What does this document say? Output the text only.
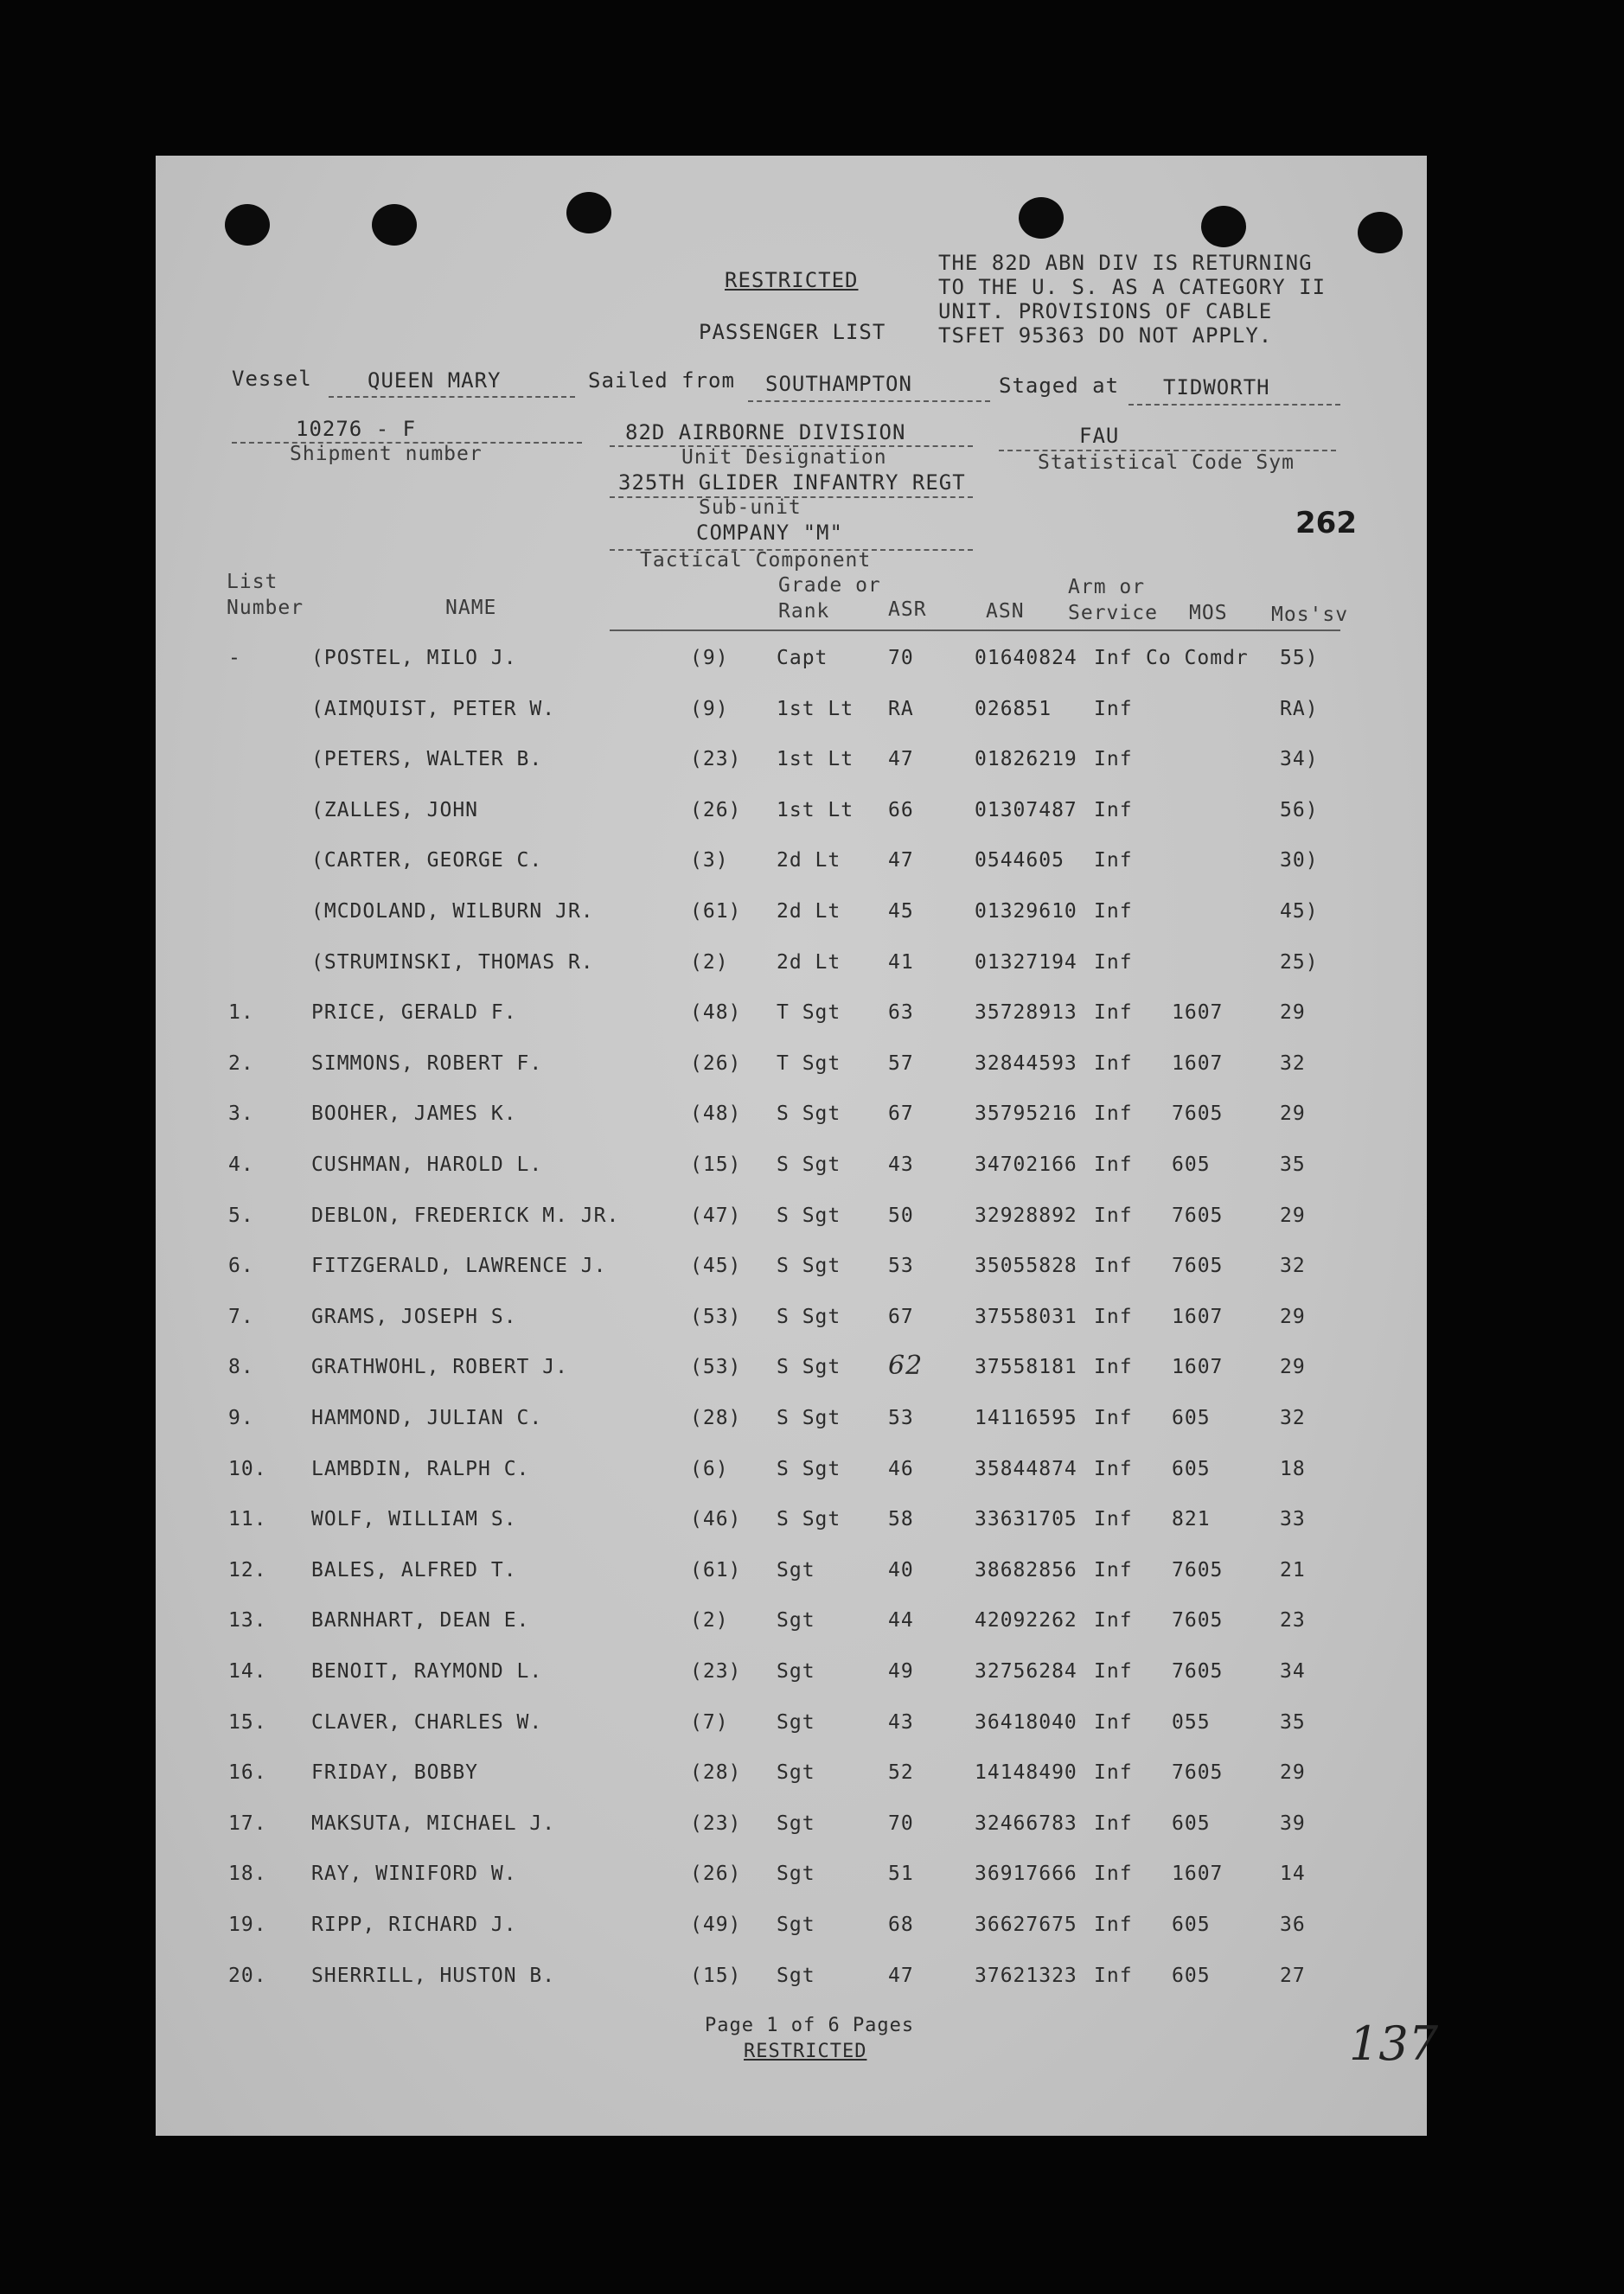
RESTRICTED
PASSENGER LIST
THE 82D ABN DIV IS RETURNING
TO THE U. S. AS A CATEGORY II
UNIT. PROVISIONS OF CABLE
TSFET 95363 DO NOT APPLY.
Vessel	QUEEN MARY	Sailed from SOUTHAMPTON	Staged at TIDWORTH
10276 - F
Shipment number
82D AIRBORNE DIVISION
Unit Designation
325TH GLIDER INFANTRY REGT
Sub-unit
COMPANY "M"
Tactical Component
FAU
Statistical Code Sym
262
List
Number	NAME
Grade or
Rank	ASR	ASN
Arm or
Service MOS Mos'sv
-	(POSTEL, MILO J.	(9) Capt	70	01640824 Inf Co Comdr 55)
(AIMQUIST, PETER W.	(9) 1st Lt RA	026851 Inf	RA)
(PETERS, WALTER B.	(23) 1st Lt 47	01826219 Inf	34)
(ZALLES, JOHN	(26) 1st Lt 66	01307487 Inf	56)
(CARTER, GEORGE C.	(3) 2d Lt 47	0544605 Inf	30)
(MCDOLAND, WILBURN JR.	(61) 2d Lt 45	01329610 Inf	45)
(STRUMINSKI, THOMAS R.	(2) 2d Lt 41	01327194 Inf	25)
1.	PRICE, GERALD F.	(48) T Sgt 63	35728913 Inf 1607	29
2.	SIMMONS, ROBERT F.	(26) T Sgt 57	32844593 Inf 1607	32
3.	BOOHER, JAMES K.	(48) S Sgt 67	35795216 Inf 7605	29
4.	CUSHMAN, HAROLD L.	(15) S Sgt 43	34702166 Inf 605	35
5.	DEBLON, FREDERICK M. JR.	(47) S Sgt 50	32928892 Inf 7605	29
6.	FITZGERALD, LAWRENCE J.	(45) S Sgt 53	35055828 Inf 7605	32
7.	GRAMS, JOSEPH S.	(53) S Sgt 67	37558031 Inf 1607	29
8.	GRATHWOHL, ROBERT J.	(53) S Sgt 62	37558181 Inf 1607	29
9.	HAMMOND, JULIAN C.	(28) S Sgt 53	14116595 Inf 605	32
10. LAMBDIN, RALPH C.	(6) S Sgt 46	35844874 Inf 605	18
11. WOLF, WILLIAM S.	(46) S Sgt 58	33631705 Inf 821	33
12. BALES, ALFRED T.	(61) Sgt	40	38682856 Inf 7605	21
13. BARNHART, DEAN E.	(2) Sgt	44	42092262 Inf 7605	23
14. BENOIT, RAYMOND L.	(23) Sgt	49	32756284 Inf 7605	34
15. CLAVER, CHARLES W.	(7) Sgt	43	36418040 Inf 055	35
16. FRIDAY, BOBBY	(28) Sgt	52	14148490 Inf 7605	29
17. MAKSUTA, MICHAEL J.	(23) Sgt	70	32466783 Inf 605	39
18. RAY, WINIFORD W.	(26) Sgt	51	36917666 Inf 1607	14
19. RIPP, RICHARD J.	(49) Sgt	68	36627675 Inf 605	36
20. SHERRILL, HUSTON B.	(15) Sgt	47	37621323 Inf 605	27
Page 1 of 6 Pages
RESTRICTED	137
